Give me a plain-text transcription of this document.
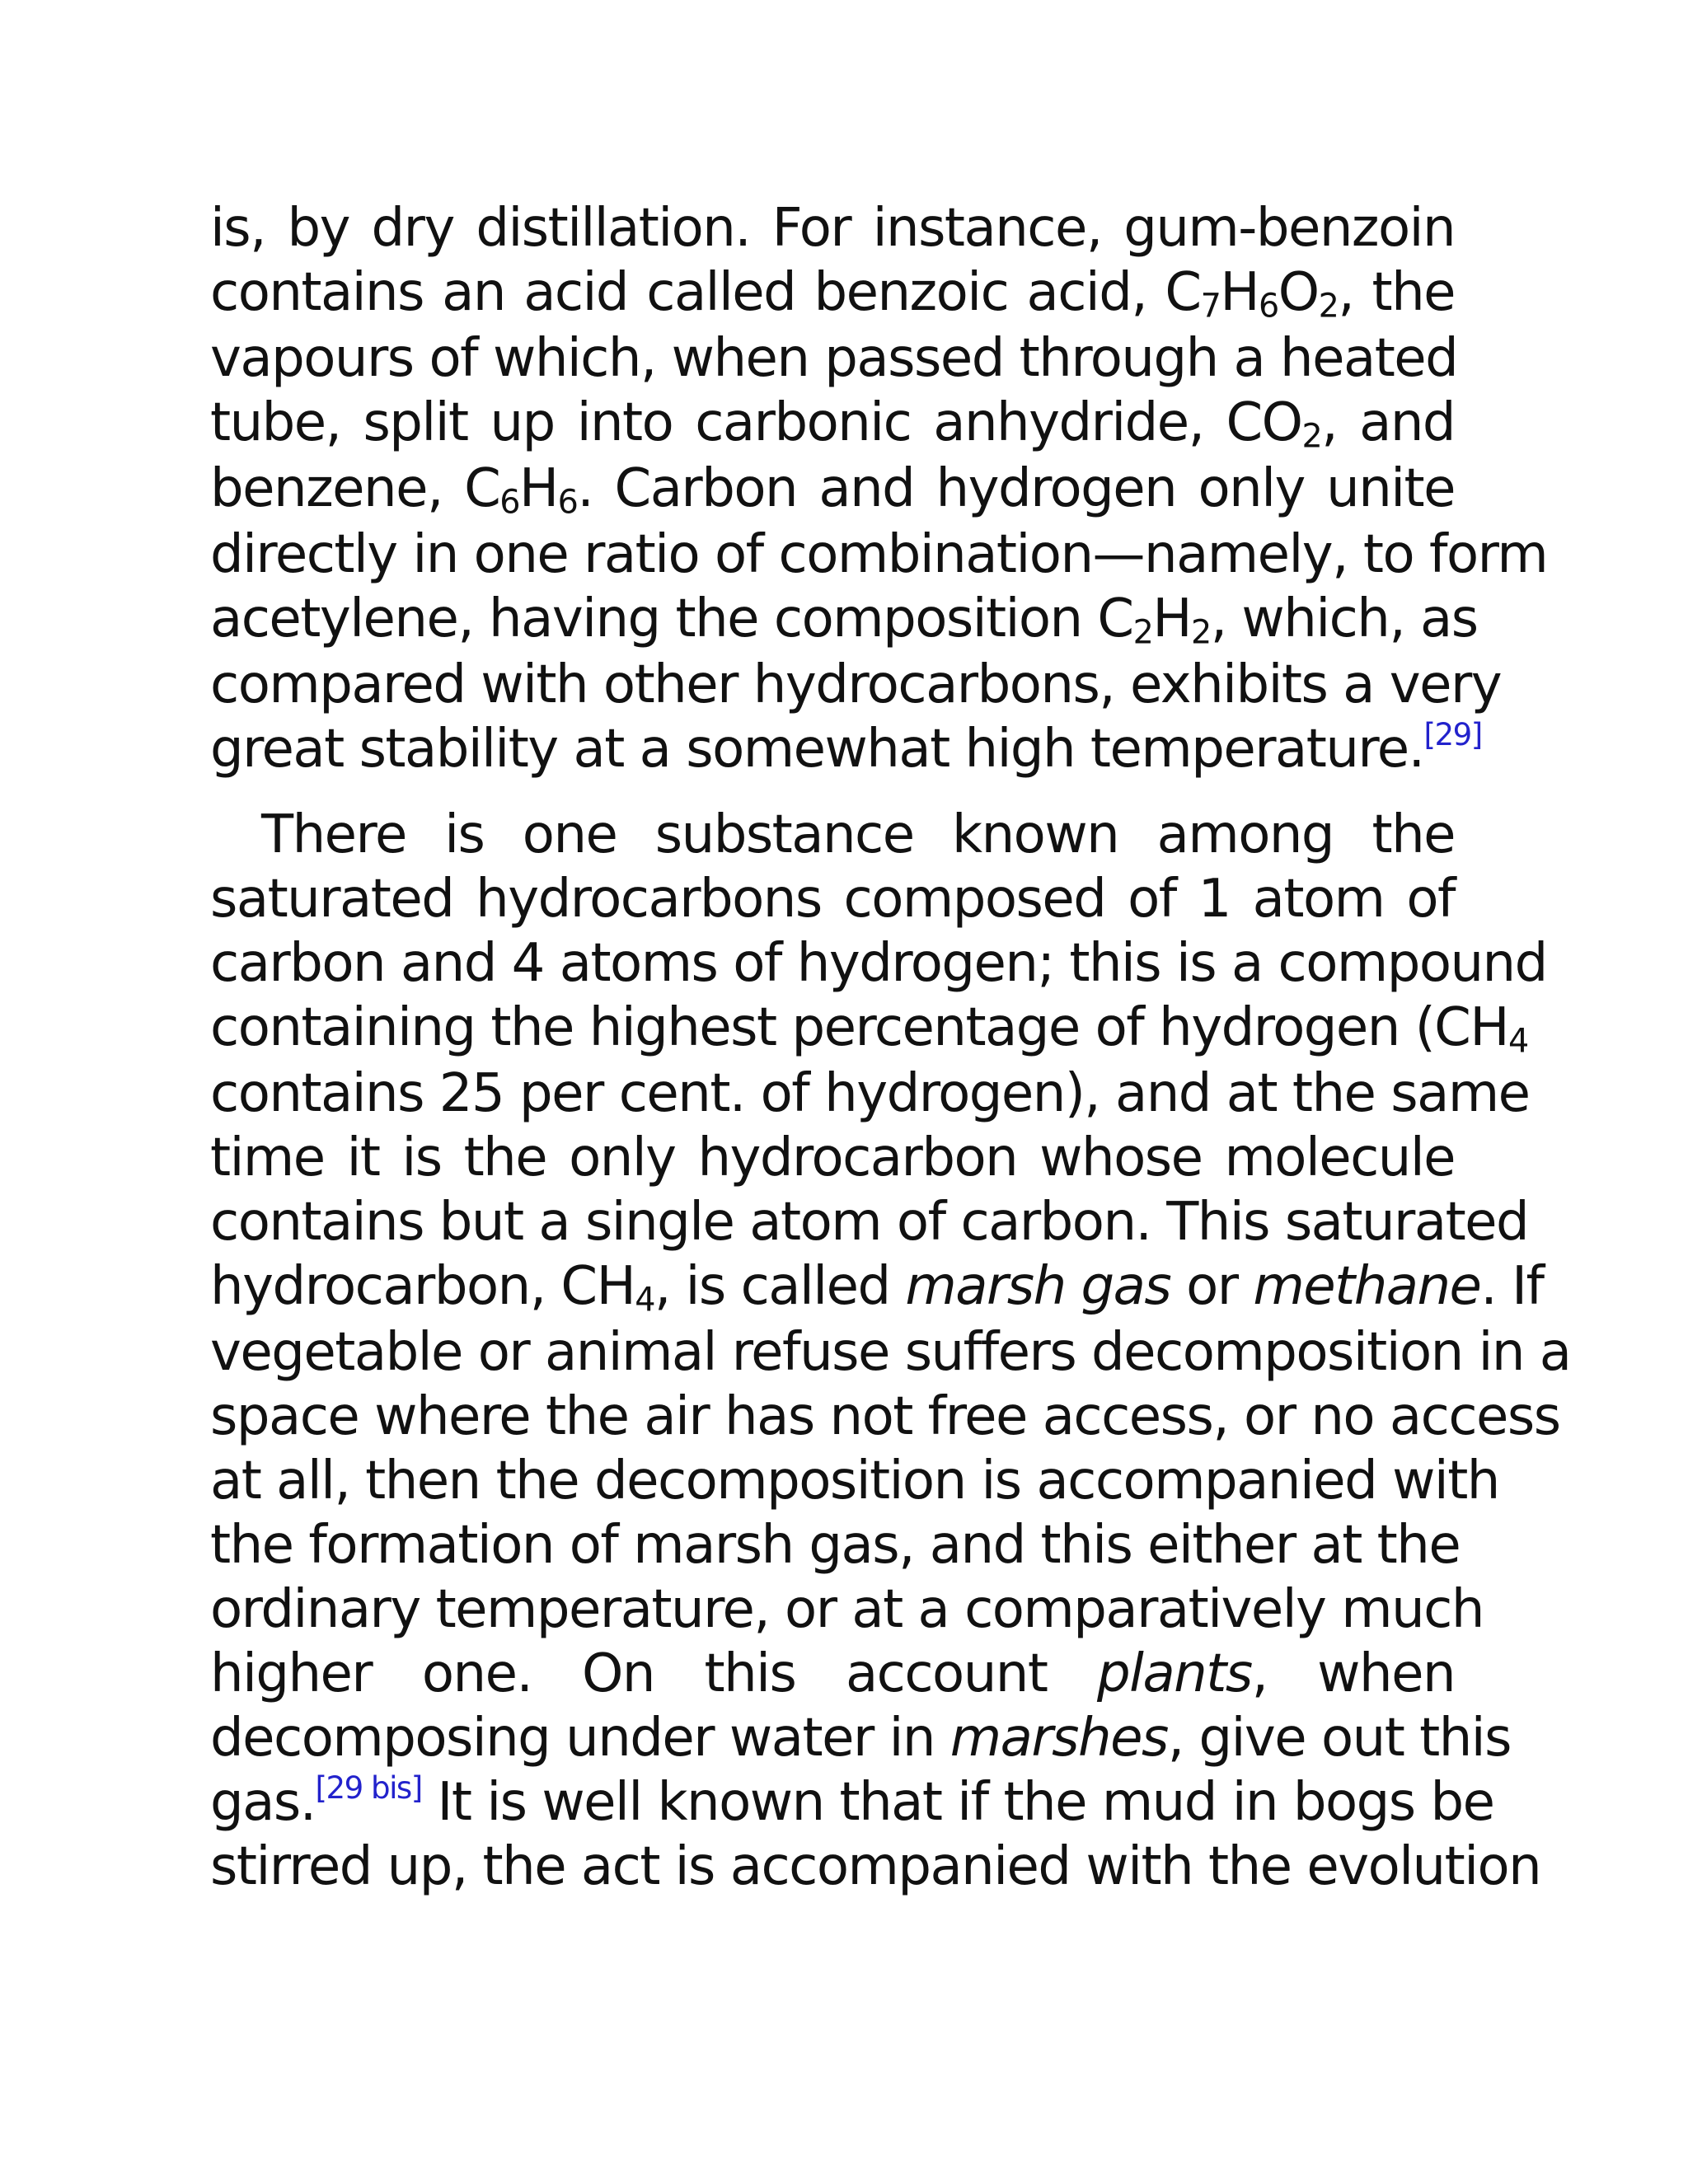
is, by dry distillation. For instance, gum-benzoin
contains an acid called benzoic acid, $C_7H_6O_2$, the
vapours of which, when passed through a heated
tube, split up into carbonic anhydride, $CO_2$, and
benzene, $C_6H_6$. Carbon and hydrogen only unite
directly in one ratio of combination—namely, to form
acetylene, having the composition $C_2H_2$, which, as
compared with other hydrocarbons, exhibits a very
great stability at a somewhat high temperature.[29]
There is one substance known among the
saturated hydrocarbons composed of 1 atom of
carbon and 4 atoms of hydrogen; this is a compound
containing the highest percentage of hydrogen ($CH_4$
contains 25 per cent. of hydrogen), and at the same
time it is the only hydrocarbon whose molecule
contains but a single atom of carbon. This saturated
hydrocarbon, $CH_4$, is called marsh gas or methane. If
vegetable or animal refuse suffers decomposition in a
space where the air has not free access, or no access
at all, then the decomposition is accompanied with
the formation of marsh gas, and this either at the
ordinary temperature, or at a comparatively much
higher one. On this account plants, when
decomposing under water in marshes, give out this
gas.[29 bis] It is well known that if the mud in bogs be
stirred up, the act is accompanied with the evolution
